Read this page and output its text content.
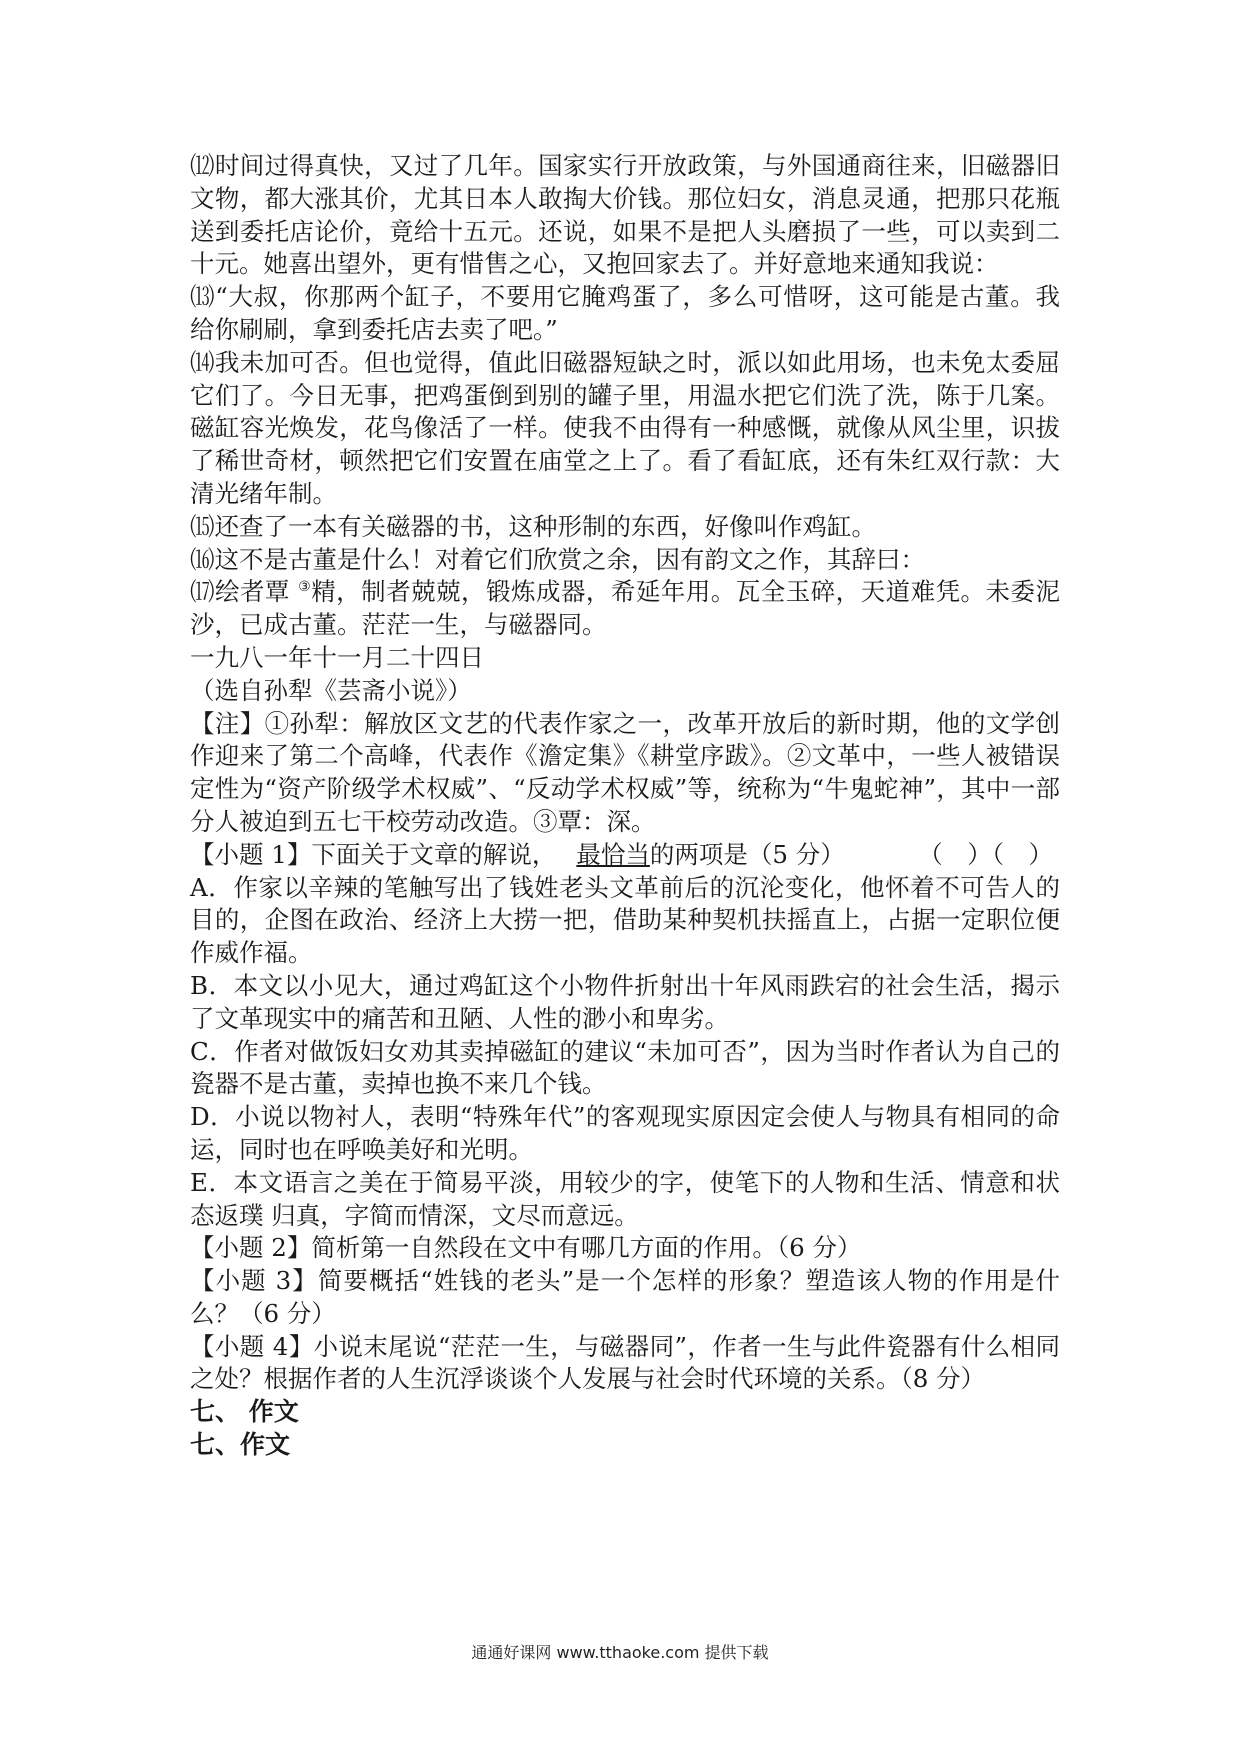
⑿时间过得真快，又过了几年。国家实行开放政策，与外国通商往来，旧磁器旧文物，都大涨其价，尤其日本人敢掏大价钱。那位妇女，消息灵通，把那只花瓶送到委托店论价，竟给十五元。还说，如果不是把人头磨损了一些，可以卖到二十元。她喜出望外，更有惜售之心，又抱回家去了。并好意地来通知我说：

⒀“大叔，你那两个缸子，不要用它腌鸡蛋了，多么可惜呀，这可能是古董。我给你刷刷，拿到委托店去卖了吧。”

⒁我未加可否。但也觉得，值此旧磁器短缺之时，派以如此用场，也未免太委屈它们了。今日无事，把鸡蛋倒到别的罐子里，用温水把它们洗了洗，陈于几案。磁缸容光焕发，花鸟像活了一样。使我不由得有一种感慨，就像从风尘里，识拔了稀世奇材，顿然把它们安置在庙堂之上了。看了看缸底，还有朱红双行款：大清光绪年制。

⒂还查了一本有关磁器的书，这种形制的东西，好像叫作鸡缸。

⒃这不是古董是什么！对着它们欣赏之余，因有韵文之作，其辞曰：

⒄绘者覃 ③精，制者兢兢，锻炼成器，希延年用。瓦全玉碎，天道难凭。未委泥沙，已成古董。茫茫一生，与磁器同。

一九八一年十一月二十四日

（选自孙犁《芸斋小说》）

【注】①孙犁：解放区文艺的代表作家之一，改革开放后的新时期，他的文学创作迎来了第二个高峰，代表作《澹定集》《耕堂序跋》。②文革中，一些人被错误定性为“资产阶级学术权威”、“反动学术权威”等，统称为“牛鬼蛇神”，其中一部分人被迫到五七干校劳动改造。③覃：深。

【小题 1】下面关于文章的解说， 最恰当的两项是（5 分）　　　　	（　）（　）

A．作家以辛辣的笔触写出了钱姓老头文革前后的沉沦变化，他怀着不可告人的目的，企图在政治、经济上大捞一把，借助某种契机扶摇直上，占据一定职位便作威作福。

B．本文以小见大，通过鸡缸这个小物件折射出十年风雨跌宕的社会生活，揭示了文革现实中的痛苦和丑陋、人性的渺小和卑劣。

C．作者对做饭妇女劝其卖掉磁缸的建议“未加可否”，因为当时作者认为自己的瓷器不是古董，卖掉也换不来几个钱。

D．小说以物衬人，表明“特殊年代”的客观现实原因定会使人与物具有相同的命运，同时也在呼唤美好和光明。

E．本文语言之美在于简易平淡，用较少的字，使笔下的人物和生活、情意和状态返璞 归真，字简而情深，文尽而意远。

【小题 2】简析第一自然段在文中有哪几方面的作用。（6 分）

【小题 3】简要概括“姓钱的老头”是一个怎样的形象？塑造该人物的作用是什么？（6 分）

【小题 4】小说末尾说“茫茫一生，与磁器同”，作者一生与此件瓷器有什么相同之处？根据作者的人生沉浮谈谈个人发展与社会时代环境的关系。（8 分）

七、 作文

七、作文

通通好课网 www.tthaoke.com 提供下载
